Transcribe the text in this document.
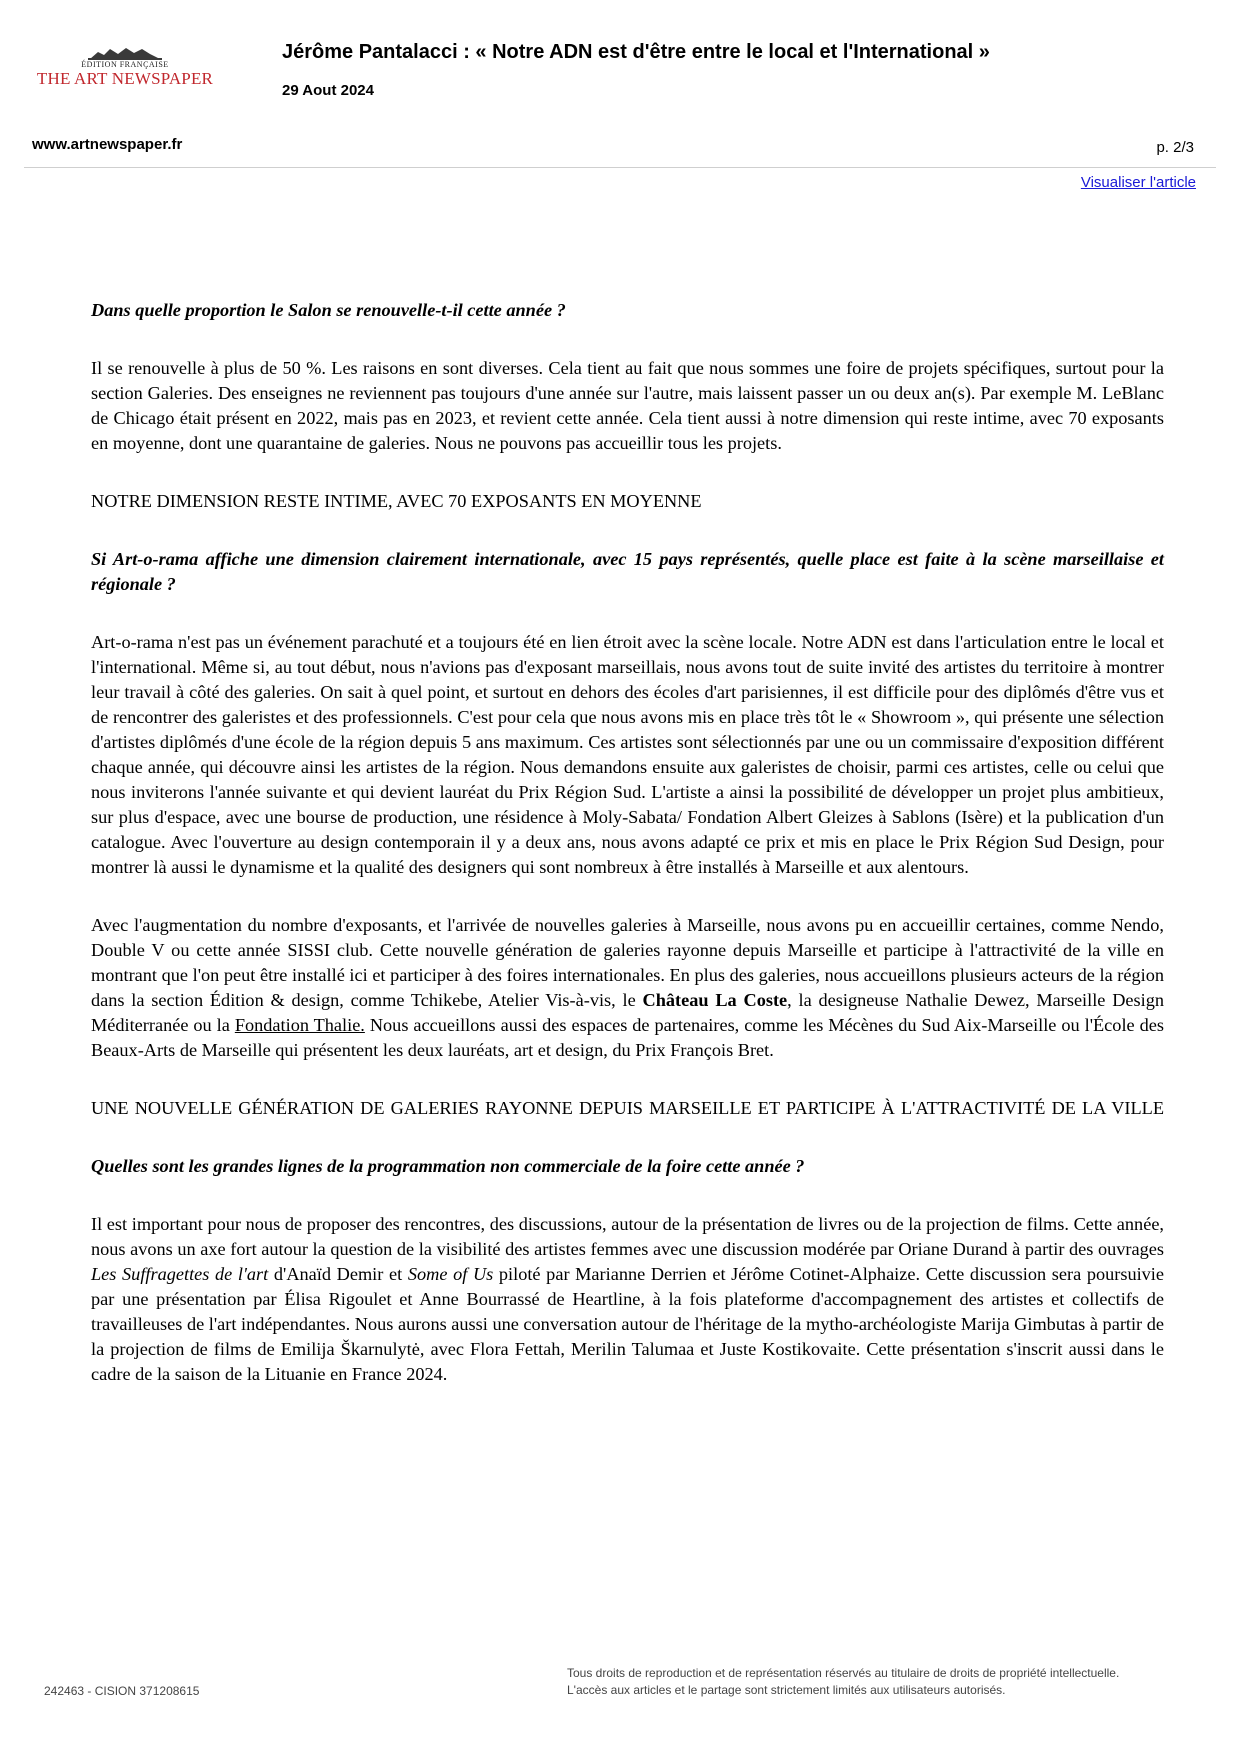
ÉDITION FRANÇAISE
THE ART NEWSPAPER
Jérôme Pantalacci : « Notre ADN est d'être entre le local et l'International »
29 Aout 2024
www.artnewspaper.fr	p. 2/3
Visualiser l'article

Dans quelle proportion le Salon se renouvelle-t-il cette année ?

Il se renouvelle à plus de 50 %. Les raisons en sont diverses. Cela tient au fait que nous sommes une foire de projets spécifiques, surtout pour la section Galeries. Des enseignes ne reviennent pas toujours d'une année sur l'autre, mais laissent passer un ou deux an(s). Par exemple M. LeBlanc de Chicago était présent en 2022, mais pas en 2023, et revient cette année. Cela tient aussi à notre dimension qui reste intime, avec 70 exposants en moyenne, dont une quarantaine de galeries. Nous ne pouvons pas accueillir tous les projets.

NOTRE DIMENSION RESTE INTIME, AVEC 70 EXPOSANTS EN MOYENNE

Si Art-o-rama affiche une dimension clairement internationale, avec 15 pays représentés, quelle place est faite à la scène marseillaise et régionale ?

Art-o-rama n'est pas un événement parachuté et a toujours été en lien étroit avec la scène locale. Notre ADN est dans l'articulation entre le local et l'international. Même si, au tout début, nous n'avions pas d'exposant marseillais, nous avons tout de suite invité des artistes du territoire à montrer leur travail à côté des galeries. On sait à quel point, et surtout en dehors des écoles d'art parisiennes, il est difficile pour des diplômés d'être vus et de rencontrer des galeristes et des professionnels. C'est pour cela que nous avons mis en place très tôt le « Showroom », qui présente une sélection d'artistes diplômés d'une école de la région depuis 5 ans maximum. Ces artistes sont sélectionnés par une ou un commissaire d'exposition différent chaque année, qui découvre ainsi les artistes de la région. Nous demandons ensuite aux galeristes de choisir, parmi ces artistes, celle ou celui que nous inviterons l'année suivante et qui devient lauréat du Prix Région Sud. L'artiste a ainsi la possibilité de développer un projet plus ambitieux, sur plus d'espace, avec une bourse de production, une résidence à Moly-Sabata/ Fondation Albert Gleizes à Sablons (Isère) et la publication d'un catalogue. Avec l'ouverture au design contemporain il y a deux ans, nous avons adapté ce prix et mis en place le Prix Région Sud Design, pour montrer là aussi le dynamisme et la qualité des designers qui sont nombreux à être installés à Marseille et aux alentours.

Avec l'augmentation du nombre d'exposants, et l'arrivée de nouvelles galeries à Marseille, nous avons pu en accueillir certaines, comme Nendo, Double V ou cette année SISSI club. Cette nouvelle génération de galeries rayonne depuis Marseille et participe à l'attractivité de la ville en montrant que l'on peut être installé ici et participer à des foires internationales. En plus des galeries, nous accueillons plusieurs acteurs de la région dans la section Édition & design, comme Tchikebe, Atelier Vis-à-vis, le Château La Coste, la designeuse Nathalie Dewez, Marseille Design Méditerranée ou la Fondation Thalie. Nous accueillons aussi des espaces de partenaires, comme les Mécènes du Sud Aix-Marseille ou l'École des Beaux-Arts de Marseille qui présentent les deux lauréats, art et design, du Prix François Bret.

UNE NOUVELLE GÉNÉRATION DE GALERIES RAYONNE DEPUIS MARSEILLE ET PARTICIPE À L'ATTRACTIVITÉ DE LA VILLE

Quelles sont les grandes lignes de la programmation non commerciale de la foire cette année ?

Il est important pour nous de proposer des rencontres, des discussions, autour de la présentation de livres ou de la projection de films. Cette année, nous avons un axe fort autour la question de la visibilité des artistes femmes avec une discussion modérée par Oriane Durand à partir des ouvrages Les Suffragettes de l'art d'Anaïd Demir et Some of Us piloté par Marianne Derrien et Jérôme Cotinet-Alphaize. Cette discussion sera poursuivie par une présentation par Élisa Rigoulet et Anne Bourrassé de Heartline, à la fois plateforme d'accompagnement des artistes et collectifs de travailleuses de l'art indépendantes. Nous aurons aussi une conversation autour de l'héritage de la mytho-archéologiste Marija Gimbutas à partir de la projection de films de Emilija Škarnulytė, avec Flora Fettah, Merilin Talumaa et Juste Kostikovaite. Cette présentation s'inscrit aussi dans le cadre de la saison de la Lituanie en France 2024.

242463 - CISION 371208615
Tous droits de reproduction et de représentation réservés au titulaire de droits de propriété intellectuelle.
L'accès aux articles et le partage sont strictement limités aux utilisateurs autorisés.
